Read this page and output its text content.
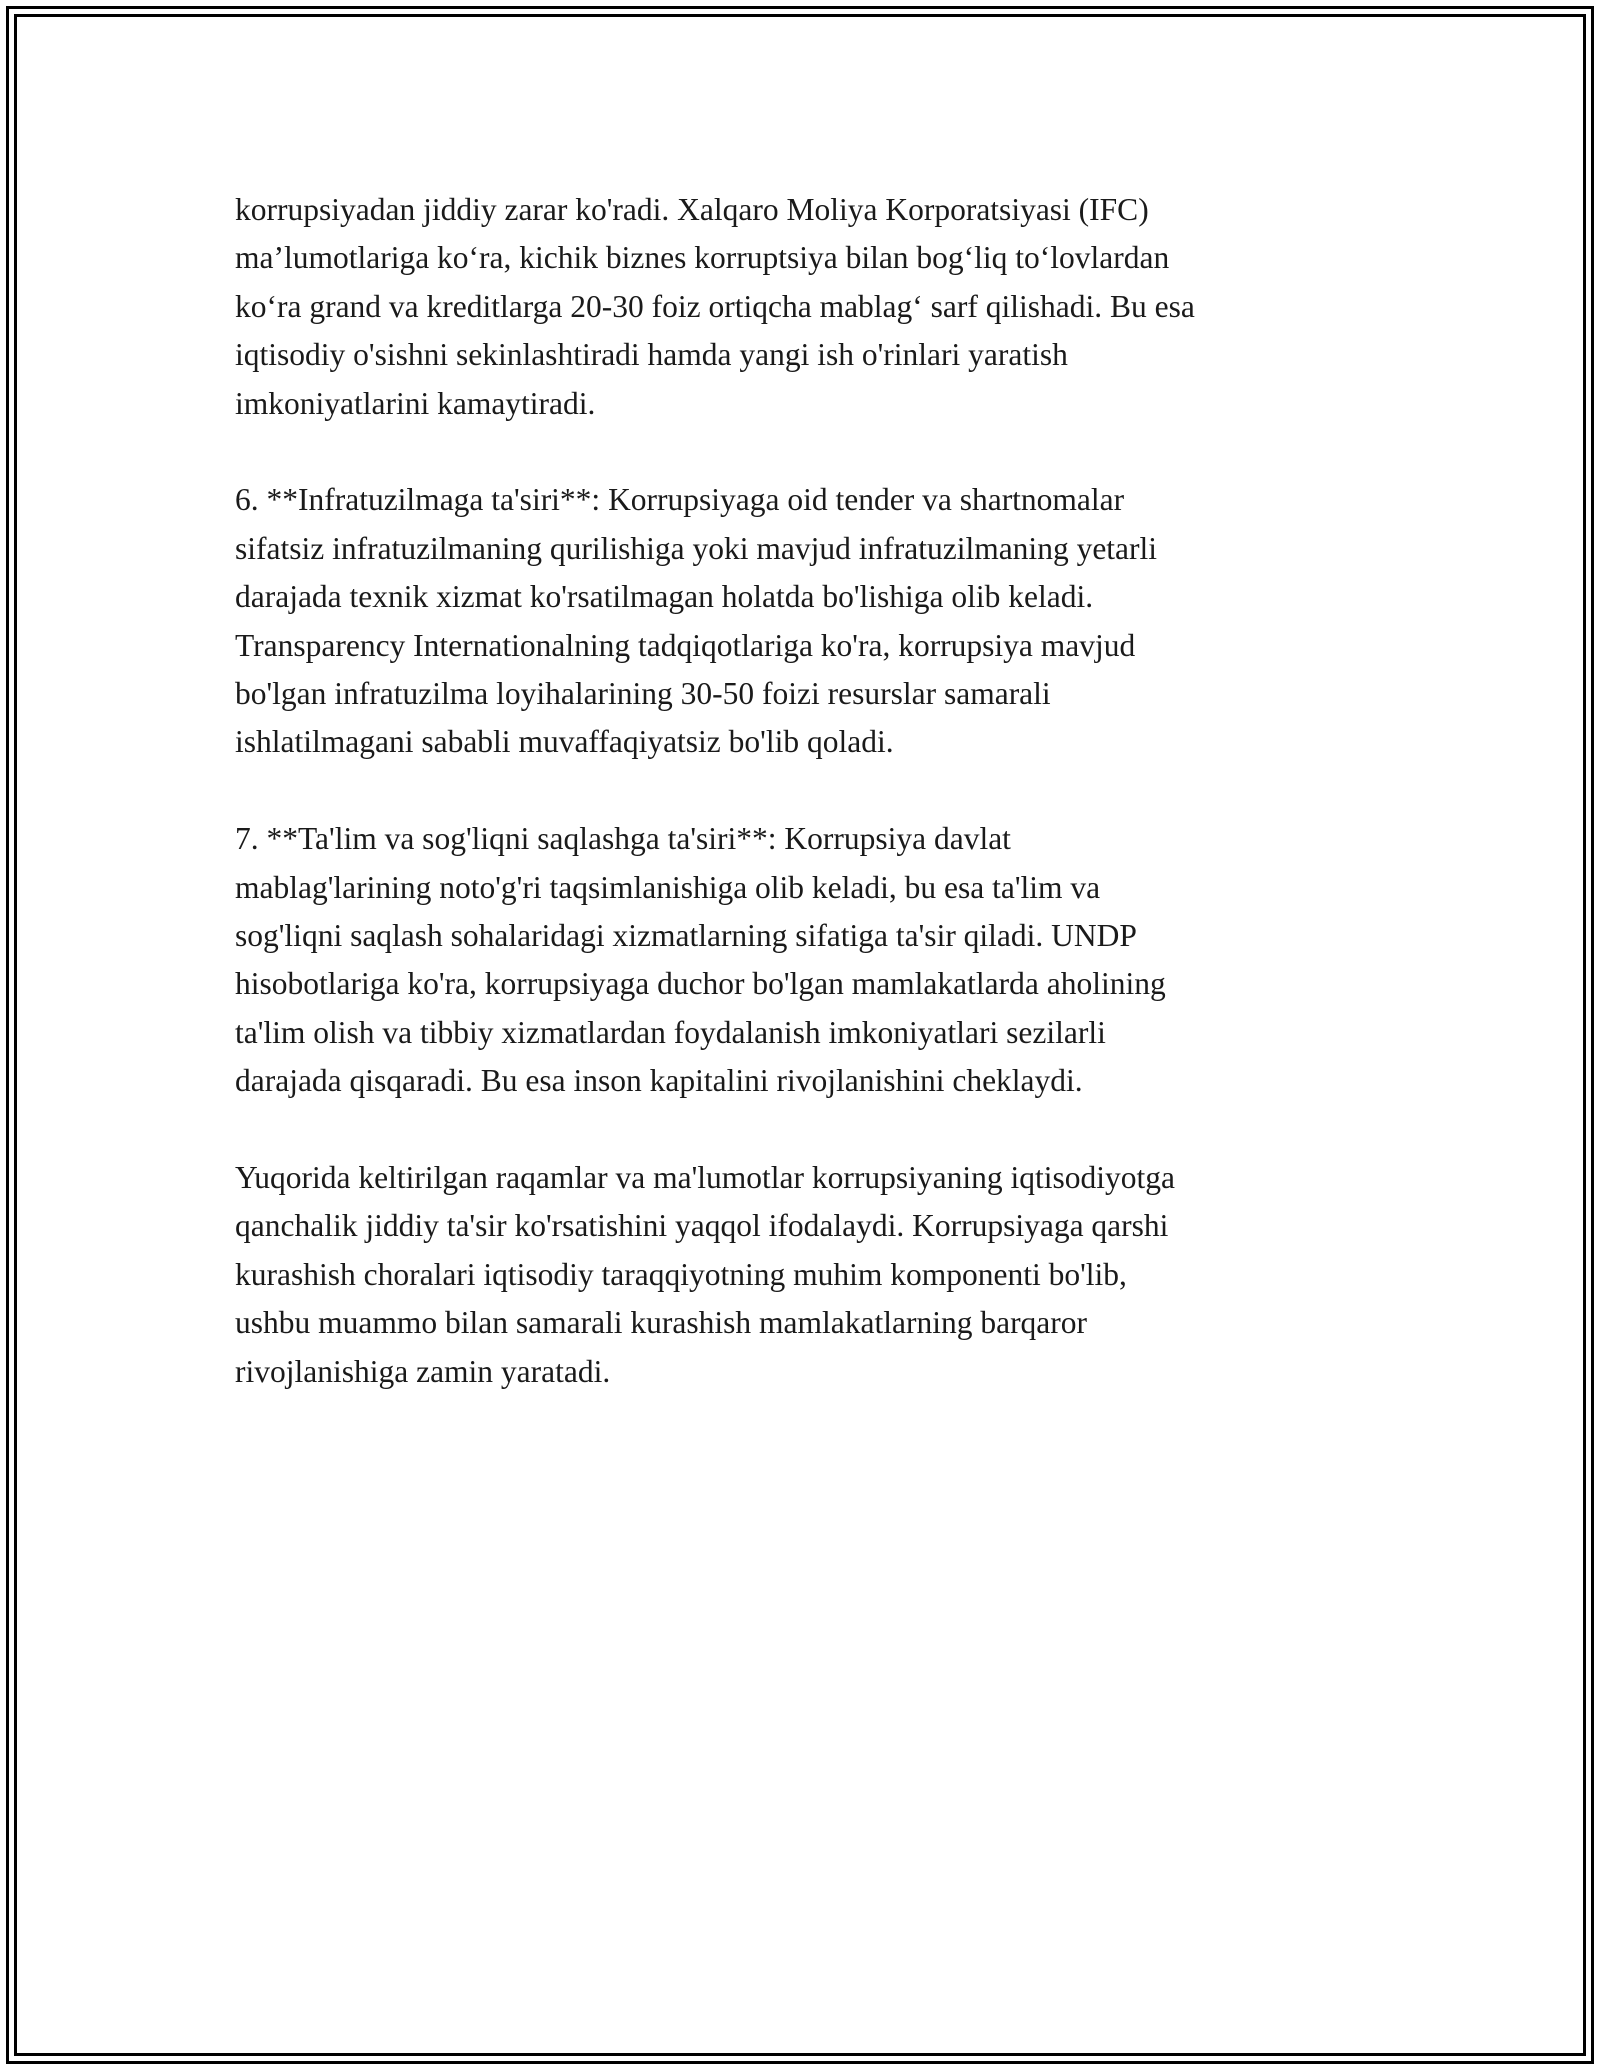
korrupsiyadan jiddiy zarar ko'radi. Xalqaro Moliya Korporatsiyasi (IFC)
ma’lumotlariga ko‘ra, kichik biznes korruptsiya bilan bog‘liq to‘lovlardan
ko‘ra grand va kreditlarga 20-30 foiz ortiqcha mablag‘ sarf qilishadi. Bu esa
iqtisodiy o'sishni sekinlashtiradi hamda yangi ish o'rinlari yaratish
imkoniyatlarini kamaytiradi.

6. **Infratuzilmaga ta'siri**: Korrupsiyaga oid tender va shartnomalar
sifatsiz infratuzilmaning qurilishiga yoki mavjud infratuzilmaning yetarli
darajada texnik xizmat ko'rsatilmagan holatda bo'lishiga olib keladi.
Transparency Internationalning tadqiqotlariga ko'ra, korrupsiya mavjud
bo'lgan infratuzilma loyihalarining 30-50 foizi resurslar samarali
ishlatilmagani sababli muvaffaqiyatsiz bo'lib qoladi.

7. **Ta'lim va sog'liqni saqlashga ta'siri**: Korrupsiya davlat
mablag'larining noto'g'ri taqsimlanishiga olib keladi, bu esa ta'lim va
sog'liqni saqlash sohalaridagi xizmatlarning sifatiga ta'sir qiladi. UNDP
hisobotlariga ko'ra, korrupsiyaga duchor bo'lgan mamlakatlarda aholining
ta'lim olish va tibbiy xizmatlardan foydalanish imkoniyatlari sezilarli
darajada qisqaradi. Bu esa inson kapitalini rivojlanishini cheklaydi.

Yuqorida keltirilgan raqamlar va ma'lumotlar korrupsiyaning iqtisodiyotga
qanchalik jiddiy ta'sir ko'rsatishini yaqqol ifodalaydi. Korrupsiyaga qarshi
kurashish choralari iqtisodiy taraqqiyotning muhim komponenti bo'lib,
ushbu muammo bilan samarali kurashish mamlakatlarning barqaror
rivojlanishiga zamin yaratadi.
